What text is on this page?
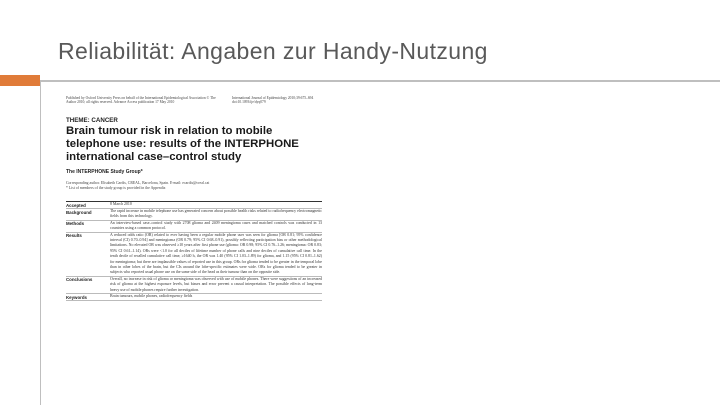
Reliabilität: Angaben zur Handy-Nutzung
Published by Oxford University Press on behalf of the International Epidemiological Association © The Author 2010; all rights reserved. Advance Access publication 17 May 2010
International Journal of Epidemiology 2010;39:675–694 doi:10.1093/ije/dyq079
THEME: CANCER
Brain tumour risk in relation to mobile telephone use: results of the INTERPHONE international case–control study
The INTERPHONE Study Group*
Corresponding author. Elisabeth Cardis, CREAL, Barcelona, Spain. E-mail: ecardis@creal.cat
* List of members of the study group is provided in the Appendix
Accepted	8 March 2010
Background	The rapid increase in mobile telephone use has generated concern about possible health risks related to radiofrequency electromagnetic fields from this technology.
Methods	An interview-based case–control study with 2708 glioma and 2409 meningioma cases and matched controls was conducted in 13 countries using a common protocol.
Results	A reduced odds ratio (OR) related to ever having been a regular mobile phone user was seen for glioma [OR 0.81; 95% confidence interval (CI) 0.70–0.94] and meningioma (OR 0.79; 95% CI 0.68–0.91), possibly reflecting participation bias or other methodological limitations. No elevated OR was observed ≥10 years after first phone use (glioma: OR 0.98; 95% CI 0.76–1.26; meningioma: OR 0.83; 95% CI 0.61–1.14). ORs were <1.0 for all deciles of lifetime number of phone calls and nine deciles of cumulative call time. In the tenth decile of recalled cumulative call time, ≥1640 h, the OR was 1.40 (95% CI 1.03–1.89) for glioma, and 1.15 (95% CI 0.81–1.62) for meningioma; but there are implausible values of reported use in this group. ORs for glioma tended to be greater in the temporal lobe than in other lobes of the brain, but the CIs around the lobe-specific estimates were wide. ORs for glioma tended to be greater in subjects who reported usual phone use on the same side of the head as their tumour than on the opposite side.
Conclusions	Overall, no increase in risk of glioma or meningioma was observed with use of mobile phones. There were suggestions of an increased risk of glioma at the highest exposure levels, but biases and error prevent a causal interpretation. The possible effects of long-term heavy use of mobile phones require further investigation.
Keywords	Brain tumours, mobile phones, radiofrequency fields
